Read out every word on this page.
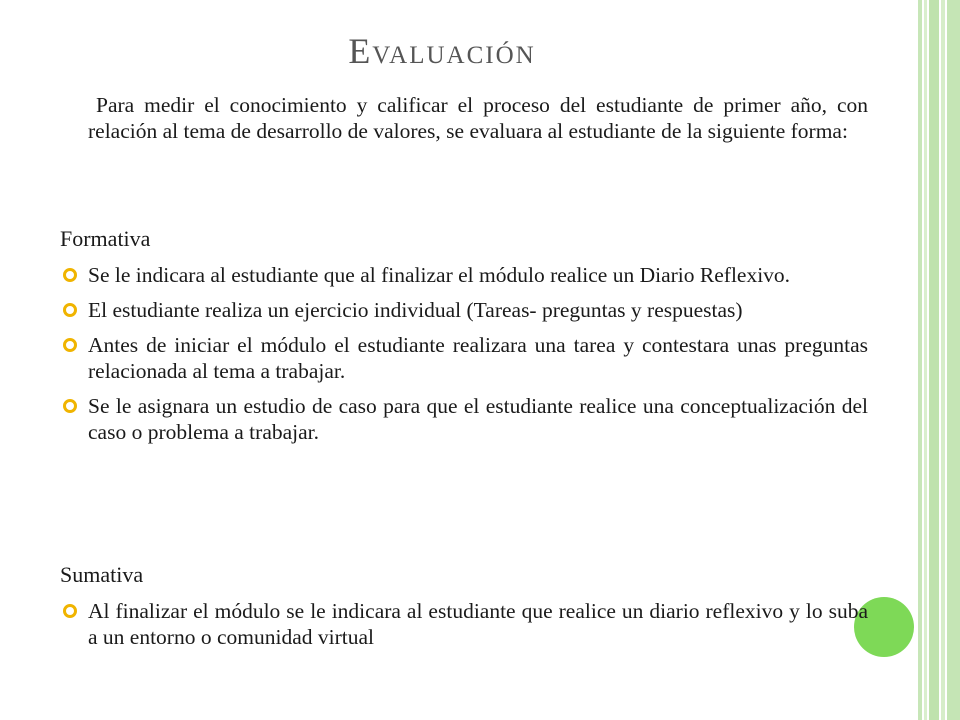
Evaluación
Para medir el conocimiento y calificar el proceso del estudiante de primer año, con relación al tema de desarrollo de valores, se evaluara al estudiante de la siguiente forma:
Formativa
Se le indicara al estudiante que al finalizar el módulo realice un Diario Reflexivo.
El estudiante realiza un ejercicio individual (Tareas- preguntas y respuestas)
Antes de iniciar el módulo el estudiante realizara una tarea y contestara unas preguntas relacionada al tema a trabajar.
Se le asignara un estudio de caso para que el estudiante realice una conceptualización del caso o problema a trabajar.
Sumativa
Al finalizar el módulo se le indicara al estudiante que realice un diario reflexivo y lo suba a un entorno o comunidad virtual
